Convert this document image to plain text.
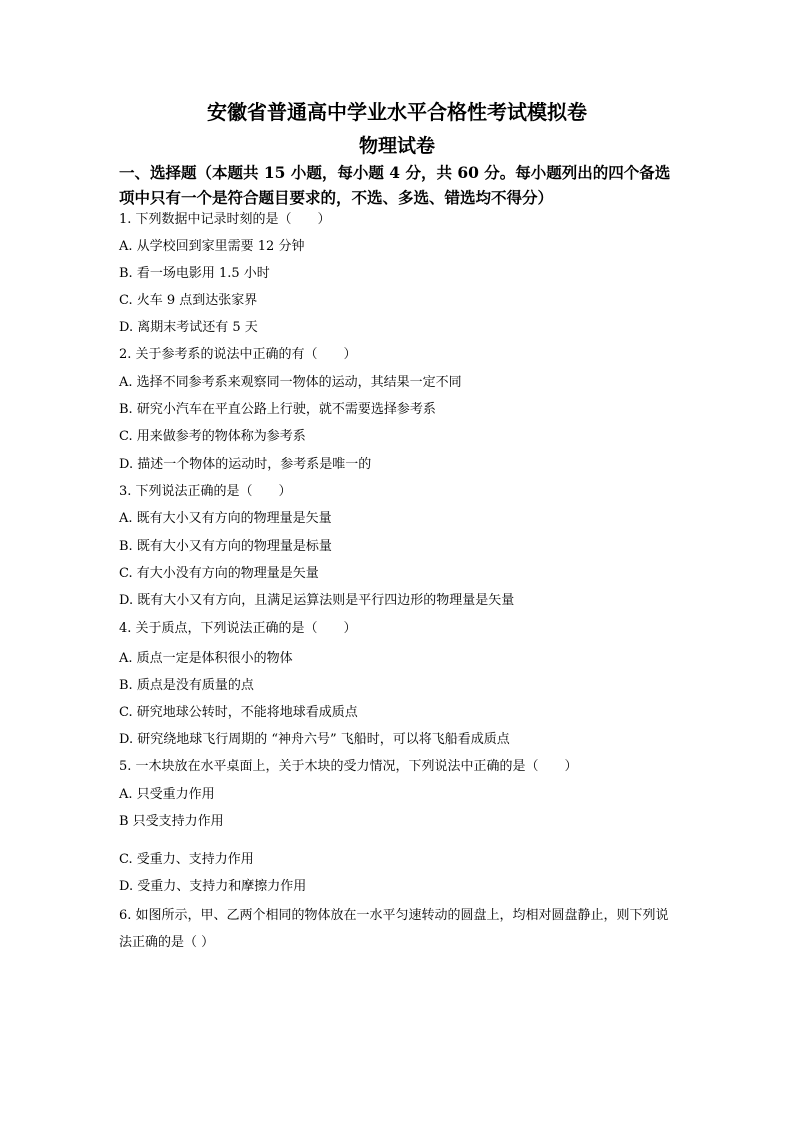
安徽省普通高中学业水平合格性考试模拟卷
物理试卷
一、选择题（本题共 15 小题，每小题 4 分，共 60 分。每小题列出的四个备选项中只有一个是符合题目要求的，不选、多选、错选均不得分）
1. 下列数据中记录时刻的是（　　）
A. 从学校回到家里需要 12 分钟
B. 看一场电影用 1.5 小时
C. 火车 9 点到达张家界
D. 离期末考试还有 5 天
2. 关于参考系的说法中正确的有（　　）
A. 选择不同参考系来观察同一物体的运动，其结果一定不同
B. 研究小汽车在平直公路上行驶，就不需要选择参考系
C. 用来做参考的物体称为参考系
D. 描述一个物体的运动时，参考系是唯一的
3. 下列说法正确的是（　　）
A. 既有大小又有方向的物理量是矢量
B. 既有大小又有方向的物理量是标量
C. 有大小没有方向的物理量是矢量
D. 既有大小又有方向，且满足运算法则是平行四边形的物理量是矢量
4. 关于质点，下列说法正确的是（　　）
A. 质点一定是体积很小的物体
B. 质点是没有质量的点
C. 研究地球公转时，不能将地球看成质点
D. 研究绕地球飞行周期的 “神舟六号” 飞船时，可以将飞船看成质点
5. 一木块放在水平桌面上，关于木块的受力情况，下列说法中正确的是（　　）
A. 只受重力作用
B 只受支持力作用
C. 受重力、支持力作用
D. 受重力、支持力和摩擦力作用
6. 如图所示，甲、乙两个相同的物体放在一水平匀速转动的圆盘上，均相对圆盘静止，则下列说法正确的是（ ）
